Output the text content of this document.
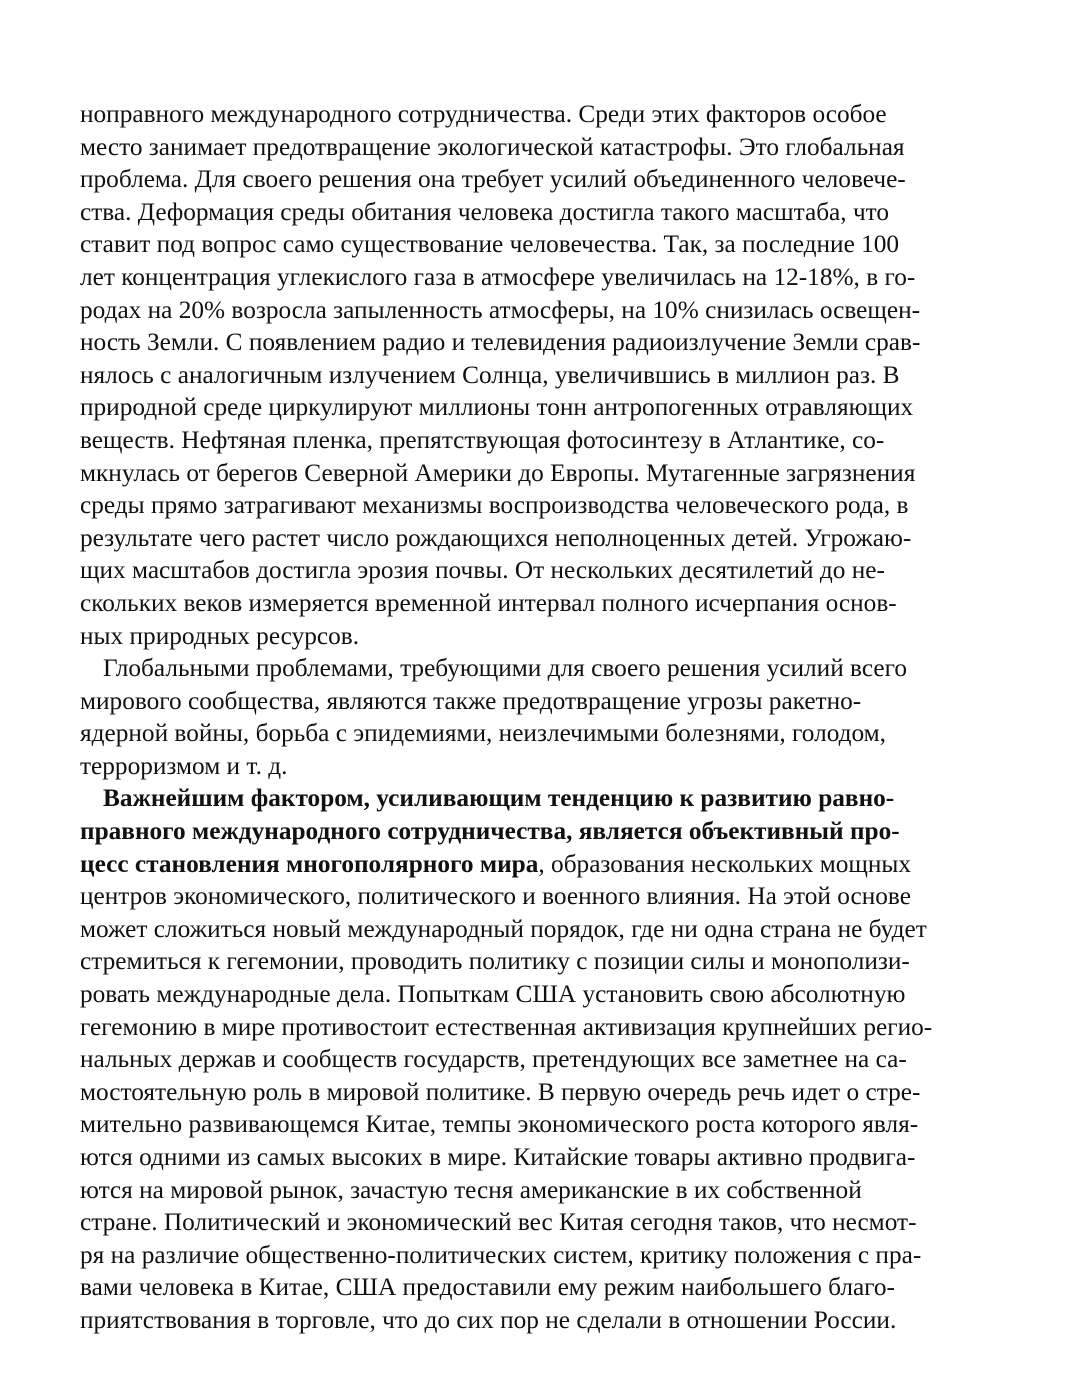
ноправного международного сотрудничества. Среди этих факторов особое
место занимает предотвращение экологической катастрофы. Это глобальная
проблема. Для своего решения она требует усилий объединенного человече-
ства. Деформация среды обитания человека достигла такого масштаба, что
ставит под вопрос само существование человечества. Так, за последние 100
лет концентрация углекислого газа в атмосфере увеличилась на 12-18%, в го-
родах на 20% возросла запыленность атмосферы, на 10% снизилась освещен-
ность Земли. С появлением радио и телевидения радиоизлучение Земли срав-
нялось с аналогичным излучением Солнца, увеличившись в миллион раз. В
природной среде циркулируют миллионы тонн антропогенных отравляющих
веществ. Нефтяная пленка, препятствующая фотосинтезу в Атлантике, со-
мкнулась от берегов Северной Америки до Европы. Мутагенные загрязнения
среды прямо затрагивают механизмы воспроизводства человеческого рода, в
результате чего растет число рождающихся неполноценных детей. Угрожаю-
щих масштабов достигла эрозия почвы. От нескольких десятилетий до не-
скольких веков измеряется временной интервал полного исчерпания основ-
ных природных ресурсов.
Глобальными проблемами, требующими для своего решения усилий всего
мирового сообщества, являются также предотвращение угрозы ракетно-
ядерной войны, борьба с эпидемиями, неизлечимыми болезнями, голодом,
терроризмом и т. д.
Важнейшим фактором, усиливающим тенденцию к развитию равно-
правного международного сотрудничества, является объективный про-
цесс становления многополярного мира, образования нескольких мощных
центров экономического, политического и военного влияния. На этой основе
может сложиться новый международный порядок, где ни одна страна не будет
стремиться к гегемонии, проводить политику с позиции силы и монополизи-
ровать международные дела. Попыткам США установить свою абсолютную
гегемонию в мире противостоит естественная активизация крупнейших регио-
нальных держав и сообществ государств, претендующих все заметнее на са-
мостоятельную роль в мировой политике. В первую очередь речь идет о стре-
мительно развивающемся Китае, темпы экономического роста которого явля-
ются одними из самых высоких в мире. Китайские товары активно продвига-
ются на мировой рынок, зачастую тесня американские в их собственной
стране. Политический и экономический вес Китая сегодня таков, что несмот-
ря на различие общественно-политических систем, критику положения с пра-
вами человека в Китае, США предоставили ему режим наибольшего благо-
приятствования в торговле, что до сих пор не сделали в отношении России.
